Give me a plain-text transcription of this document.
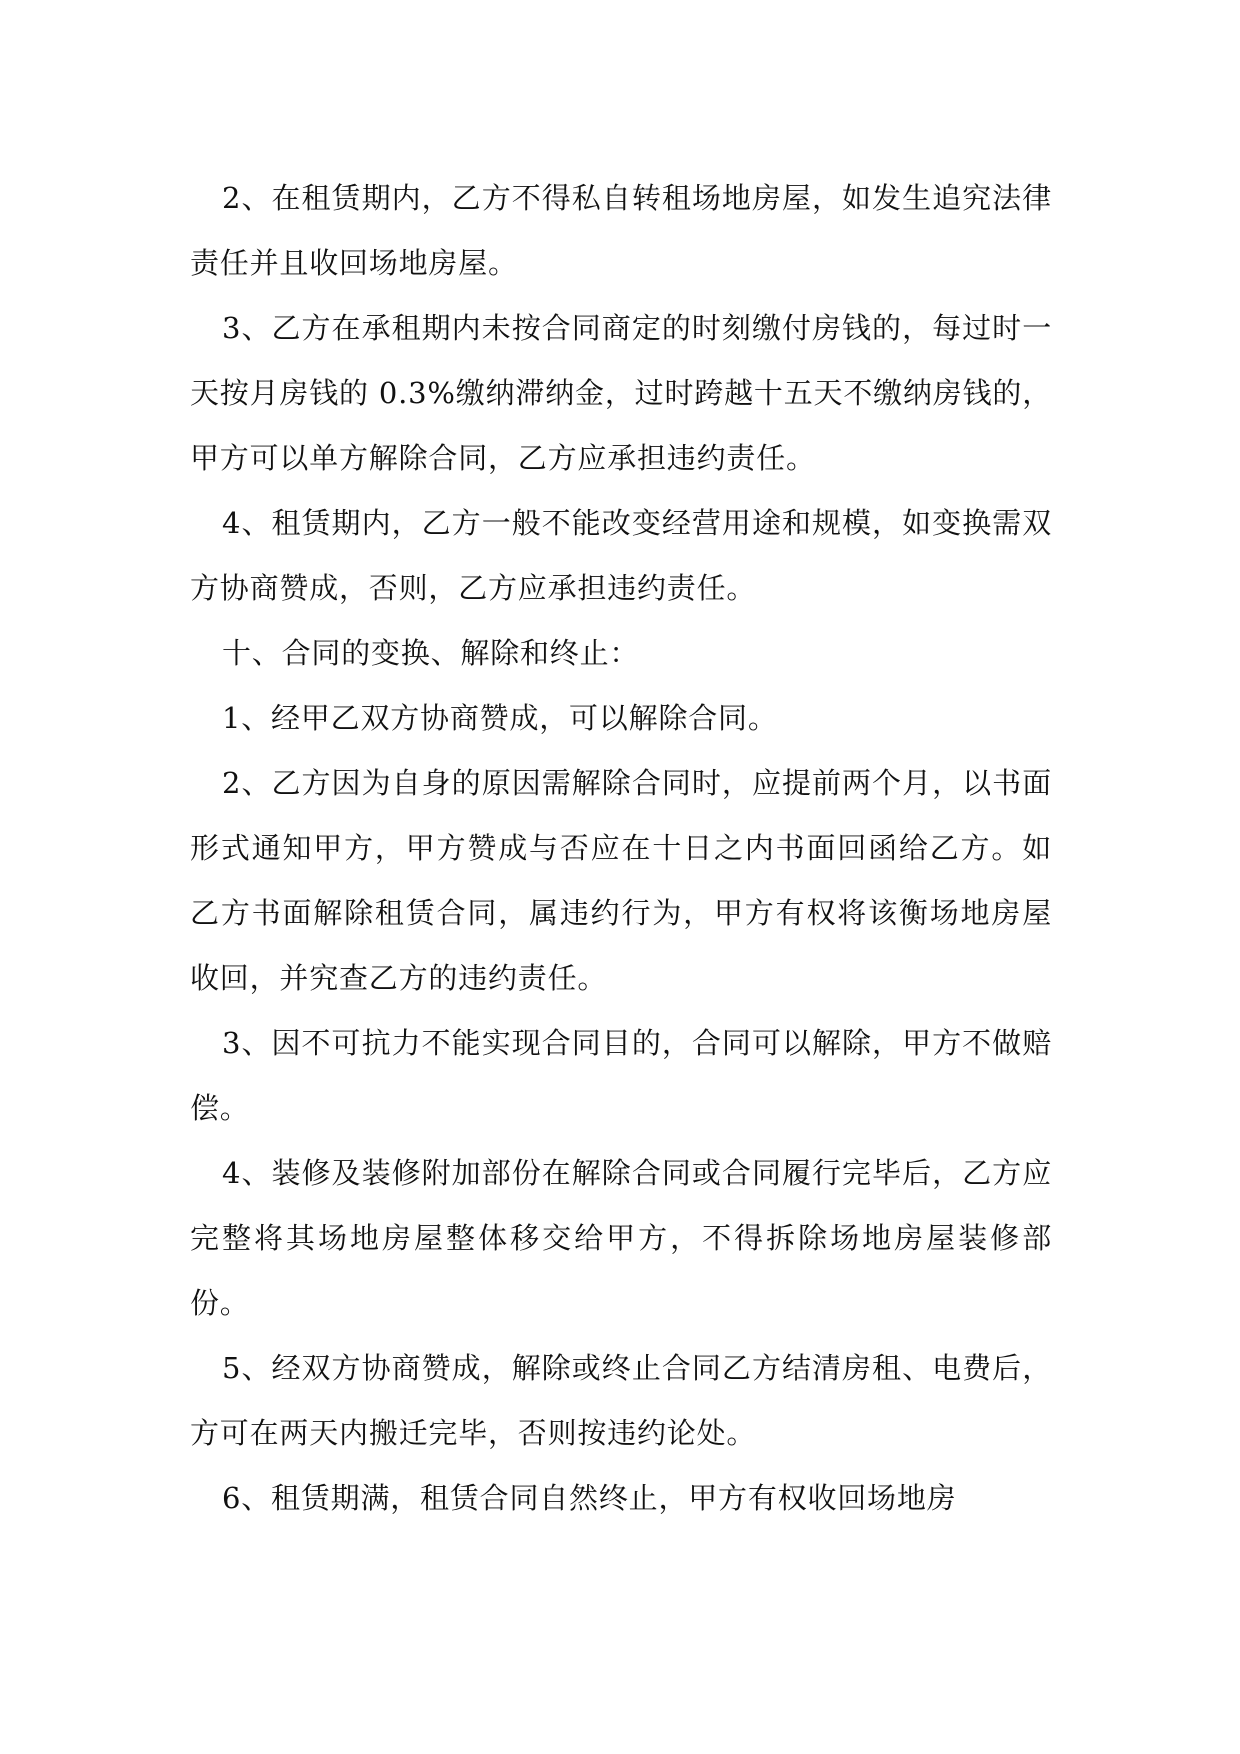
2、在租赁期内，乙方不得私自转租场地房屋，如发生追究法律责任并且收回场地房屋。

3、乙方在承租期内未按合同商定的时刻缴付房钱的，每过时一天按月房钱的 0.3%缴纳滞纳金，过时跨越十五天不缴纳房钱的，甲方可以单方解除合同，乙方应承担违约责任。

4、租赁期内，乙方一般不能改变经营用途和规模，如变换需双方协商赞成，否则，乙方应承担违约责任。

十、合同的变换、解除和终止：

1、经甲乙双方协商赞成，可以解除合同。

2、乙方因为自身的原因需解除合同时，应提前两个月，以书面形式通知甲方，甲方赞成与否应在十日之内书面回函给乙方。如乙方书面解除租赁合同，属违约行为，甲方有权将该衡场地房屋收回，并究查乙方的违约责任。

3、因不可抗力不能实现合同目的，合同可以解除，甲方不做赔偿。

4、装修及装修附加部份在解除合同或合同履行完毕后，乙方应完整将其场地房屋整体移交给甲方，不得拆除场地房屋装修部份。

5、经双方协商赞成，解除或终止合同乙方结清房租、电费后，方可在两天内搬迁完毕，否则按违约论处。

6、租赁期满，租赁合同自然终止，甲方有权收回场地房
